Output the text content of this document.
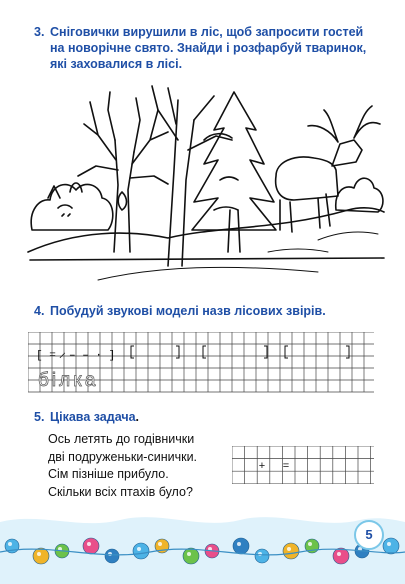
3. Сніговички вирушили в ліс, щоб запросити гостей на новорічне свято. Знайди і розфарбуй тваринок, які заховалися в лісі.
4. Побудуй звукові моделі назв лісових звірів.
[ = ̷ – – · ]
білка
5. Цікава задача.
Ось летять до годівнички
дві подруженьки-синички.
Сім пізніше прибуло.
Скільки всіх птахів було?
+ =
5
